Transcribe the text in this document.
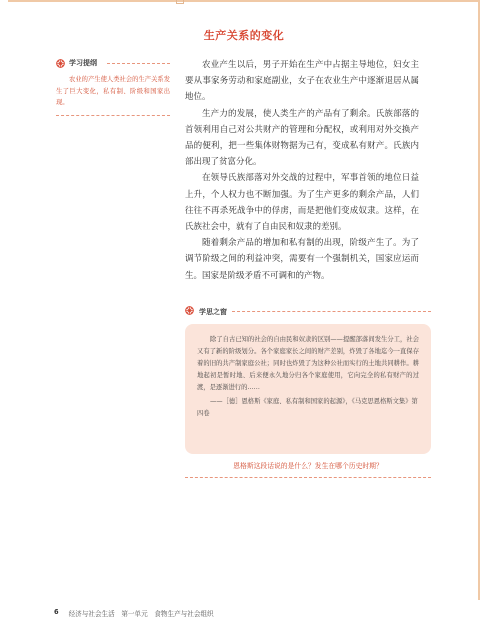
生产关系的变化
学习提纲

农业的产生使人类社会的生产关系发生了巨大变化，私有制、阶级和国家出现。

农业产生以后，男子开始在生产中占据主导地位，妇女主要从事家务劳动和家庭副业，女子在农业生产中逐渐退居从属地位。

生产力的发展，使人类生产的产品有了剩余。氏族部落的首领利用自己对公共财产的管理和分配权，或利用对外交换产品的便利，把一些集体财物据为己有，变成私有财产。氏族内部出现了贫富分化。

在领导氏族部落对外交战的过程中，军事首领的地位日益上升，个人权力也不断加强。为了生产更多的剩余产品，人们往往不再杀死战争中的俘虏，而是把他们变成奴隶。这样，在氏族社会中，就有了自由民和奴隶的差别。

随着剩余产品的增加和私有制的出现，阶级产生了。为了调节阶级之间的利益冲突，需要有一个强制机关，国家应运而生。国家是阶级矛盾不可调和的产物。

学思之窗

除了自古已知的社会的自由民和奴隶的区别——提醒部落间发生分工，社会又有了新的阶级划分。各个家庭家长之间的财产差别，炸毁了各地迄今一直保存着的旧的共产制家庭公社；同时也炸毁了为这种公社而实行的土地共同耕作。耕地起初是暂时地、后来便永久地分归各个家庭使用，它向完全的私有财产的过渡，是逐渐进行的……

——［德］恩格斯《家庭、私有制和国家的起源》，《马克思恩格斯文集》第四卷

恩格斯这段话说的是什么？发生在哪个历史时期？
6 经济与社会生活　第一单元　食物生产与社会组织
